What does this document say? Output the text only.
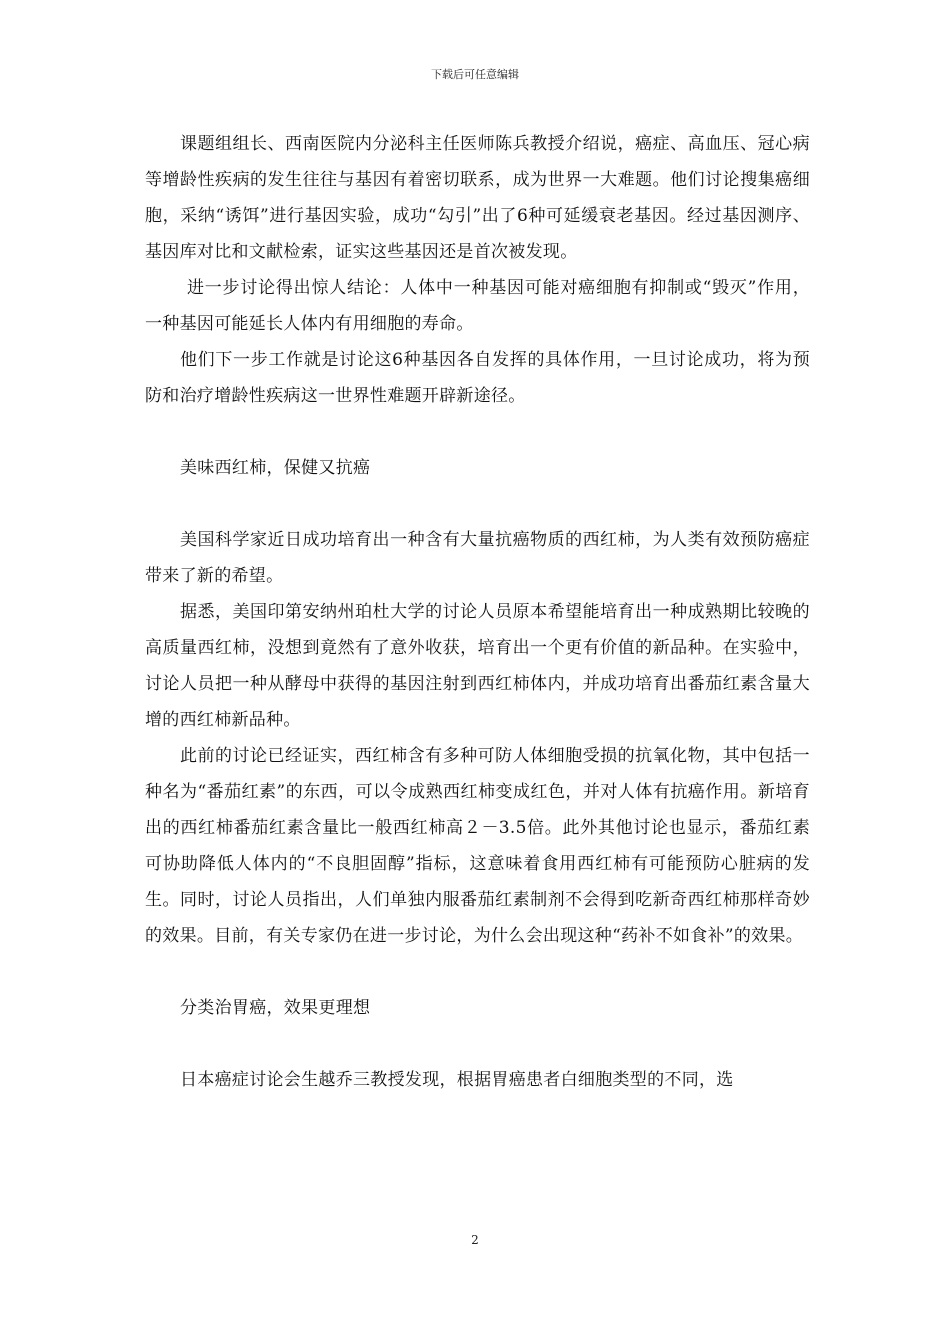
下载后可任意编辑

课题组组长、西南医院内分泌科主任医师陈兵教授介绍说，癌症、高血压、冠心病等增龄性疾病的发生往往与基因有着密切联系，成为世界一大难题。他们讨论搜集癌细胞，采纳“诱饵”进行基因实验，成功“勾引”出了6种可延缓衰老基因。经过基因测序、基因库对比和文献检索，证实这些基因还是首次被发现。

进一步讨论得出惊人结论：人体中一种基因可能对癌细胞有抑制或“毁灭”作用，一种基因可能延长人体内有用细胞的寿命。

他们下一步工作就是讨论这6种基因各自发挥的具体作用，一旦讨论成功，将为预防和治疗增龄性疾病这一世界性难题开辟新途径。

美味西红柿，保健又抗癌

美国科学家近日成功培育出一种含有大量抗癌物质的西红柿，为人类有效预防癌症带来了新的希望。

据悉，美国印第安纳州珀杜大学的讨论人员原本希望能培育出一种成熟期比较晚的高质量西红柿，没想到竟然有了意外收获，培育出一个更有价值的新品种。在实验中，讨论人员把一种从酵母中获得的基因注射到西红柿体内，并成功培育出番茄红素含量大增的西红柿新品种。

此前的讨论已经证实，西红柿含有多种可防人体细胞受损的抗氧化物，其中包括一种名为“番茄红素”的东西，可以令成熟西红柿变成红色，并对人体有抗癌作用。新培育出的西红柿番茄红素含量比一般西红柿高２－3.5倍。此外其他讨论也显示，番茄红素可协助降低人体内的“不良胆固醇”指标，这意味着食用西红柿有可能预防心脏病的发生。同时，讨论人员指出，人们单独内服番茄红素制剂不会得到吃新奇西红柿那样奇妙的效果。目前，有关专家仍在进一步讨论，为什么会出现这种“药补不如食补”的效果。

分类治胃癌，效果更理想

日本癌症讨论会生越乔三教授发现，根据胃癌患者白细胞类型的不同，选

2
